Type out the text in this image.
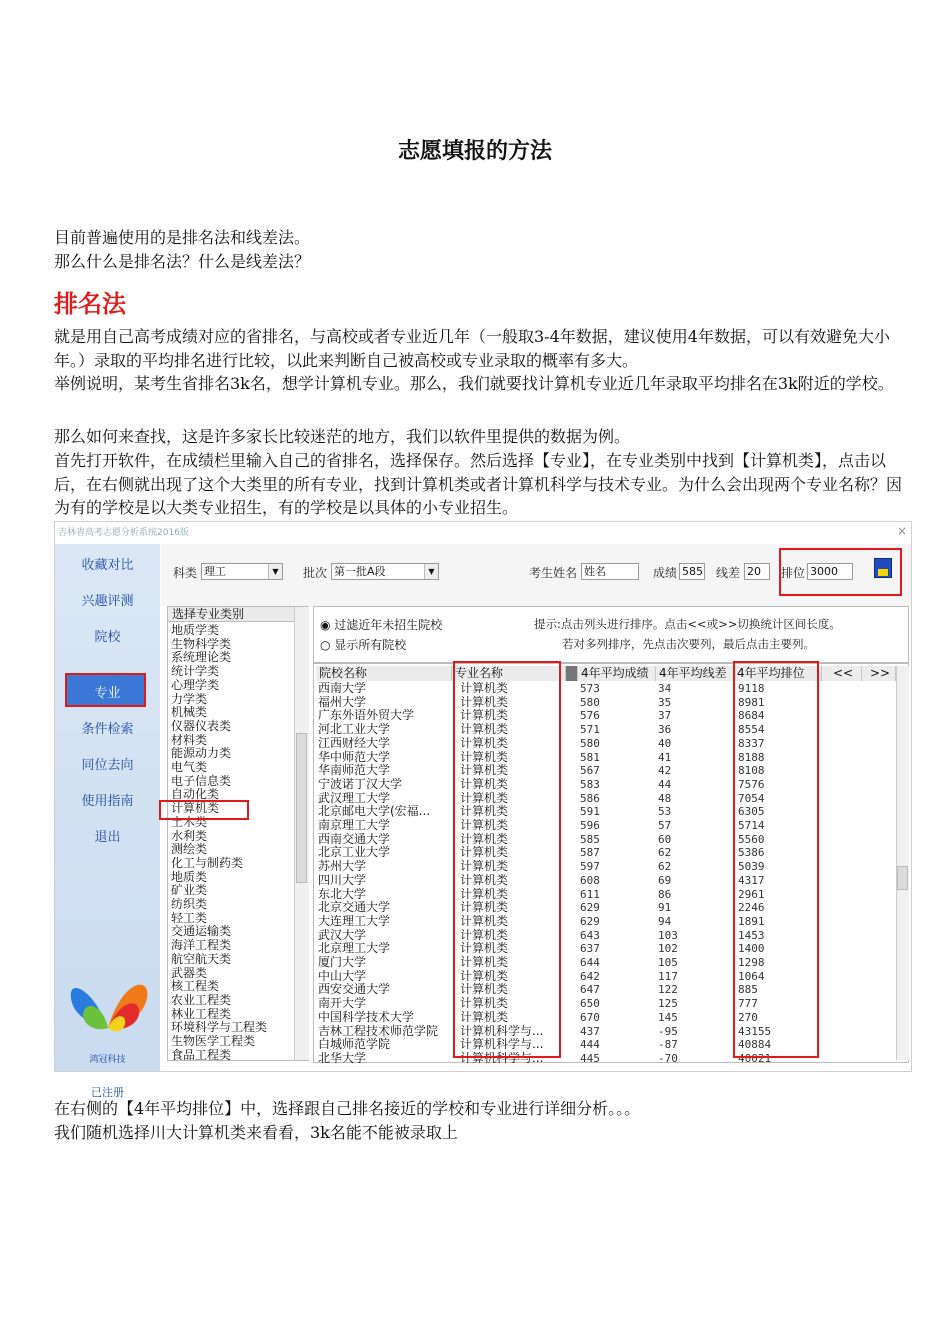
志愿填报的方法

目前普遍使用的是排名法和线差法。

那么什么是排名法？什么是线差法？

排名法

就是用自己高考成绩对应的省排名，与高校或者专业近几年（一般取3-4年数据，建议使用4年数据，可以有效避免大小年。）录取的平均排名进行比较，以此来判断自己被高校或专业录取的概率有多大。

举例说明，某考生省排名3k名，想学计算机专业。那么，我们就要找计算机专业近几年录取平均排名在3k附近的学校。

那么如何来查找，这是许多家长比较迷茫的地方，我们以软件里提供的数据为例。

首先打开软件，在成绩栏里输入自己的省排名，选择保存。然后选择【专业】，在专业类别中找到【计算机类】，点击以后，在右侧就出现了这个大类里的所有专业，找到计算机类或者计算机科学与技术专业。为什么会出现两个专业名称？因为有的学校是以大类专业招生，有的学校是以具体的小专业招生。

吉林省高考志愿分析系统2016版	×
收藏对比
兴趣评测
院校
专业
条件检索
同位去向
使用指南
退出
鸿冠科技
已注册
科类 理工	▼ 批次 第一批A段	▼	考生姓名 姓名	成绩 585 线差 20	排位 3000
选择专业类别
地质学类
生物科学类
系统理论类
统计学类
心理学类
力学类
机械类
仪器仪表类
材料类
能源动力类
电气类
电子信息类
自动化类
计算机类
土木类
水利类
测绘类
化工与制药类
地质类
矿业类
纺织类
轻工类
交通运输类
海洋工程类
航空航天类
武器类
核工程类
农业工程类
林业工程类
环境科学与工程类
生物医学工程类
食品工程类
◉ 过滤近年未招生院校
○ 显示所有院校
提示:点击列头进行排序。点击<<或>>切换统计区间长度。
若对多列排序，先点击次要列，最后点击主要列。
院校名称	专业名称	4年平均成绩 4年平均线差 4年平均排位	<<	>>
西南大学	计算机类	573	34	9118
福州大学	计算机类	580	35	8981
广东外语外贸大学	计算机类	576	37	8684
河北工业大学	计算机类	571	36	8554
江西财经大学	计算机类	580	40	8337
华中师范大学	计算机类	581	41	8188
华南师范大学	计算机类	567	42	8108
宁波诺丁汉大学	计算机类	583	44	7576
武汉理工大学	计算机类	586	48	7054
北京邮电大学(宏福...	计算机类	591	53	6305
南京理工大学	计算机类	596	57	5714
西南交通大学	计算机类	585	60	5560
北京工业大学	计算机类	587	62	5386
苏州大学	计算机类	597	62	5039
四川大学	计算机类	608	69	4317
东北大学	计算机类	611	86	2961
北京交通大学	计算机类	629	91	2246
大连理工大学	计算机类	629	94	1891
武汉大学	计算机类	643	103	1453
北京理工大学	计算机类	637	102	1400
厦门大学	计算机类	644	105	1298
中山大学	计算机类	642	117	1064
西安交通大学	计算机类	647	122	885
南开大学	计算机类	650	125	777
中国科学技术大学	计算机类	670	145	270
吉林工程技术师范学院	计算机科学与...	437	-95	43155
白城师范学院	计算机科学与...	444	-87	40884
北华大学	计算机科学与...	445	-70	40021

在右侧的【4年平均排位】中，选择跟自己排名接近的学校和专业进行详细分析。。。

我们随机选择川大计算机类来看看，3k名能不能被录取上
